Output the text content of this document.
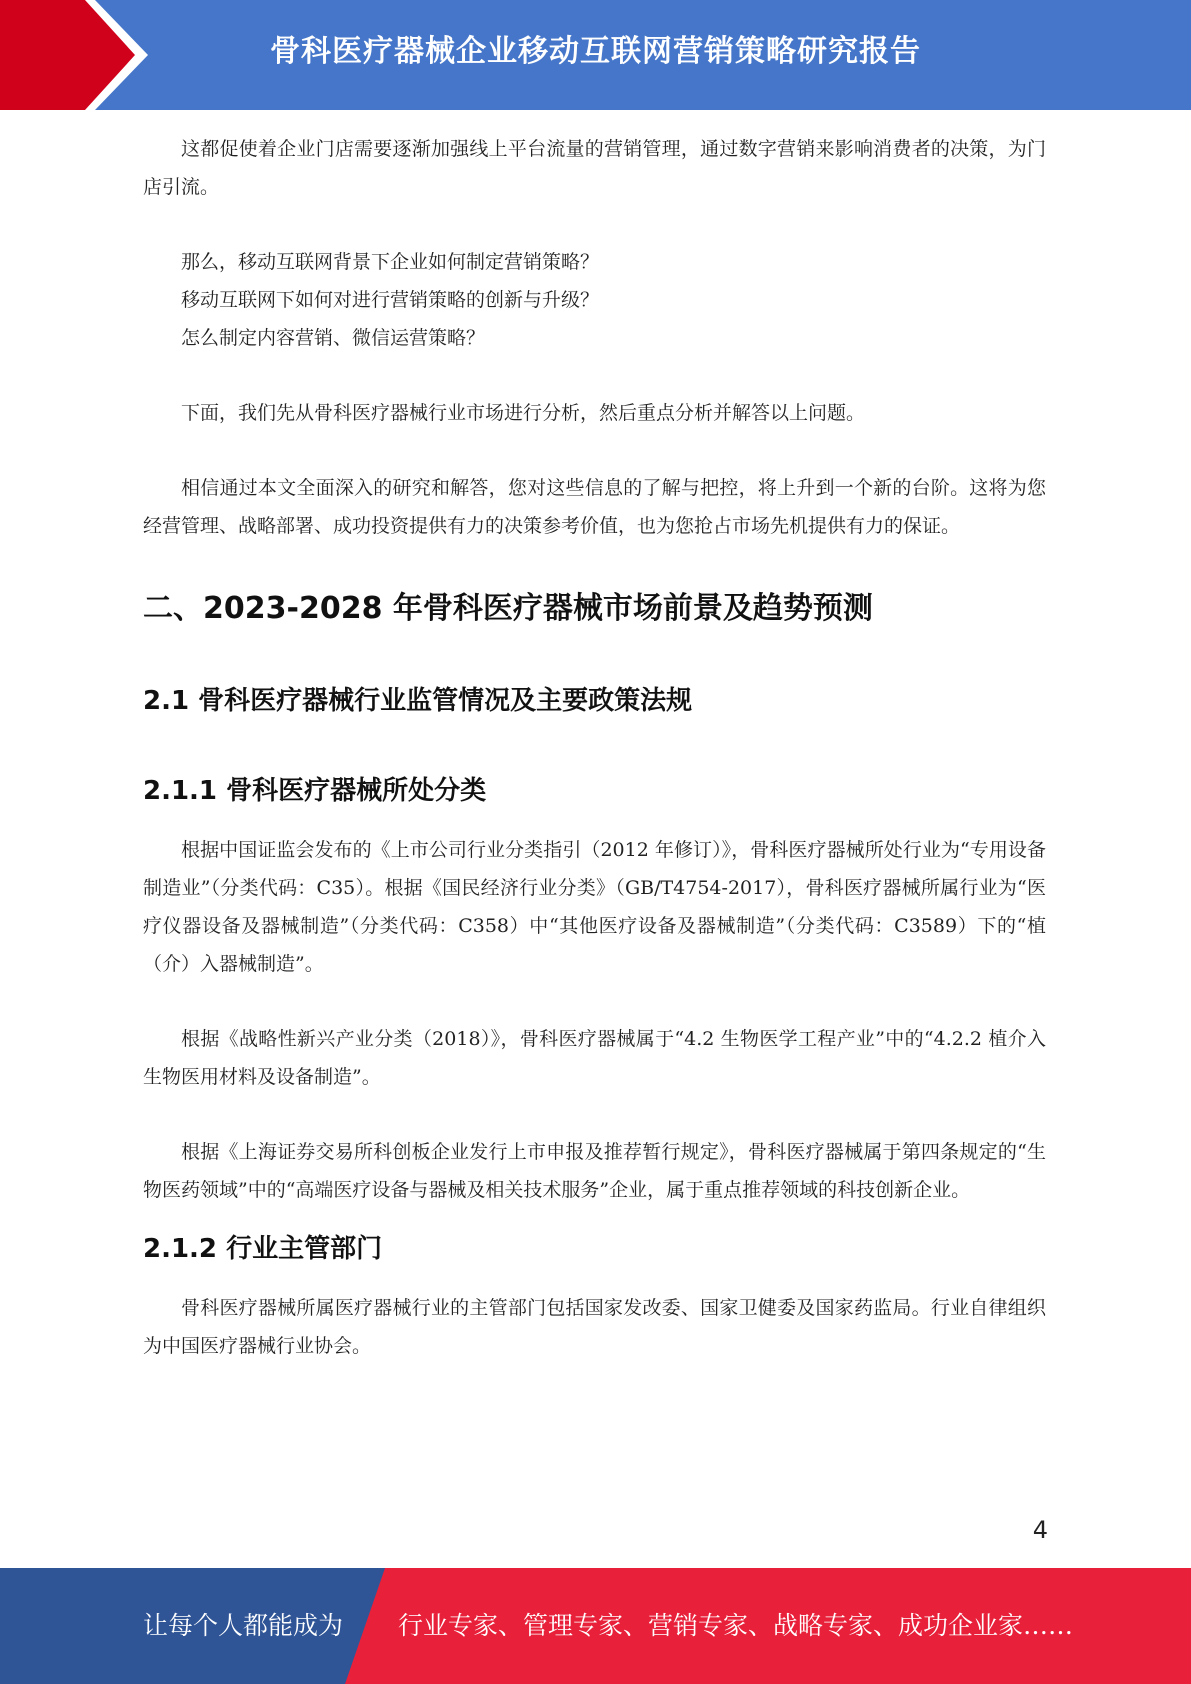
骨科医疗器械企业移动互联网营销策略研究报告

这都促使着企业门店需要逐渐加强线上平台流量的营销管理，通过数字营销来影响消费者的决策，为门店引流。

那么，移动互联网背景下企业如何制定营销策略？

移动互联网下如何对进行营销策略的创新与升级？

怎么制定内容营销、微信运营策略？

下面，我们先从骨科医疗器械行业市场进行分析，然后重点分析并解答以上问题。

相信通过本文全面深入的研究和解答，您对这些信息的了解与把控，将上升到一个新的台阶。这将为您经营管理、战略部署、成功投资提供有力的决策参考价值，也为您抢占市场先机提供有力的保证。

二、2023-2028 年骨科医疗器械市场前景及趋势预测
2.1 骨科医疗器械行业监管情况及主要政策法规
2.1.1 骨科医疗器械所处分类

根据中国证监会发布的《上市公司行业分类指引（2012 年修订）》，骨科医疗器械所处行业为“专用设备制造业”（分类代码：C35）。根据《国民经济行业分类》（GB/T4754-2017），骨科医疗器械所属行业为“医疗仪器设备及器械制造”（分类代码：C358）中“其他医疗设备及器械制造”（分类代码：C3589）下的“植（介）入器械制造”。

根据《战略性新兴产业分类（2018）》，骨科医疗器械属于“4.2 生物医学工程产业”中的“4.2.2 植介入生物医用材料及设备制造”。

根据《上海证券交易所科创板企业发行上市申报及推荐暂行规定》，骨科医疗器械属于第四条规定的“生物医药领域”中的“高端医疗设备与器械及相关技术服务”企业，属于重点推荐领域的科技创新企业。

2.1.2 行业主管部门

骨科医疗器械所属医疗器械行业的主管部门包括国家发改委、国家卫健委及国家药监局。行业自律组织为中国医疗器械行业协会。

4
让每个人都能成为 行业专家、管理专家、营销专家、战略专家、成功企业家……
